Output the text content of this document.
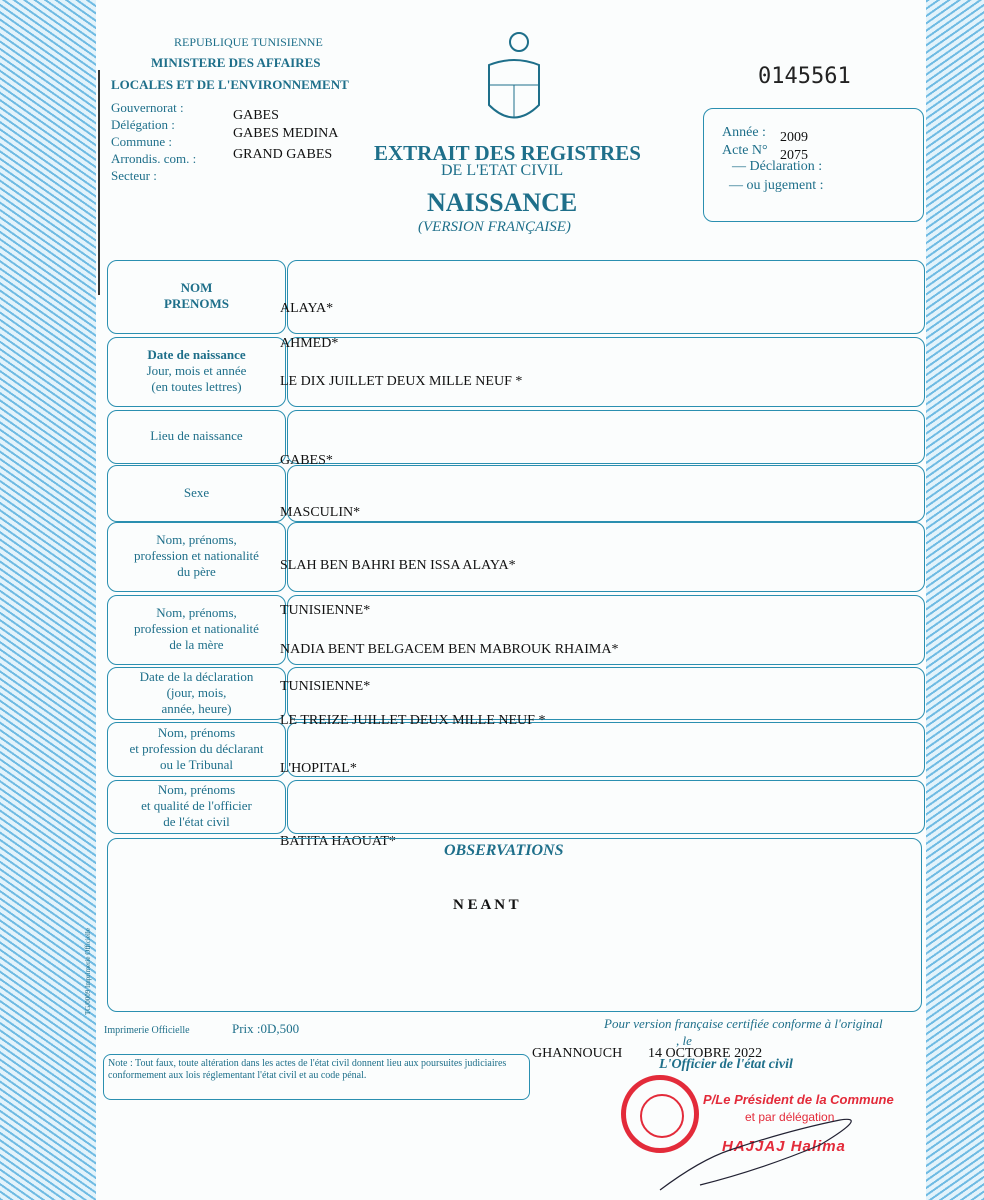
REPUBLIQUE TUNISIENNE
MINISTERE DES AFFAIRES
LOCALES ET DE L'ENVIRONNEMENT
Gouvernorat :
Délégation :
Commune :
Arrondis. com. :
Secteur :
GABES
GABES MEDINA
GRAND GABES EXTRAIT DES REGISTRES
DE L'ETAT CIVIL
NAISSANCE
(VERSION FRANÇAISE)
0145561
Année : 2009
Acte N° 2075
— Déclaration :
— ou jugement :
NOM
PRENOMS
Date de naissance
Jour, mois et année
(en toutes lettres)
Lieu de naissance
Sexe
Nom, prénoms,
profession et nationalité
du père
Nom, prénoms,
profession et nationalité
de la mère
Date de la déclaration
(jour, mois,
année, heure)
Nom, prénoms
et profession du déclarant
ou le Tribunal
Nom, prénoms
et qualité de l'officier
de l'état civil
ALAYA*
AHMED*
LE DIX JUILLET DEUX MILLE NEUF *
GABES*
MASCULIN*
SLAH BEN BAHRI BEN ISSA ALAYA*
TUNISIENNE*
NADIA BENT BELGACEM BEN MABROUK RHAIMA*
TUNISIENNE*
LE TREIZE JUILLET DEUX MILLE NEUF *
L'HOPITAL*
BATITA HAOUAT*
OBSERVATIONS
N E A N T
TG/0009 Imprimerie Officielle
Imprimerie Officielle	Prix :0D,500	Pour version française certifiée conforme à l'original
, le
GHANNOUCH 14 OCTOBRE 2022
L'Officier de l'état civil
Note : Tout faux, toute altération dans les actes de l'état civil donnent lieu aux poursuites judiciaires conformement aux lois réglementant l'état civil et au code pénal.
P/Le Président de la Commune
et par délégation
HAJJAJ Halima
